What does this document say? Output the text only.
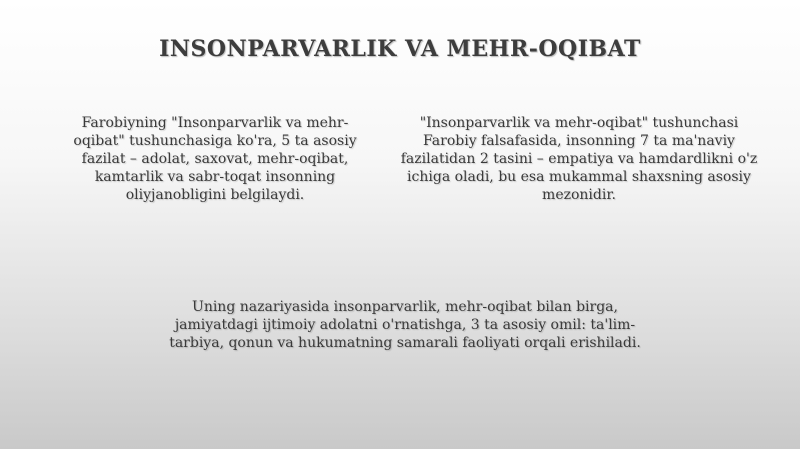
INSONPARVARLIK VA MEHR-OQIBAT
Farobiyning "Insonparvarlik va mehr-oqibat" tushunchasiga ko'ra, 5 ta asosiy fazilat – adolat, saxovat, mehr-oqibat, kamtarlik va sabr-toqat insonning oliyjanobligini belgilaydi.
"Insonparvarlik va mehr-oqibat" tushunchasi Farobiy falsafasida, insonning 7 ta ma'naviy fazilatidan 2 tasini – empatiya va hamdardlikni o'z ichiga oladi, bu esa mukammal shaxsning asosiy mezonidir.
Uning nazariyasida insonparvarlik, mehr-oqibat bilan birga, jamiyatdagi ijtimoiy adolatni o'rnatishga, 3 ta asosiy omil: ta'lim-tarbiya, qonun va hukumatning samarali faoliyati orqali erishiladi.
